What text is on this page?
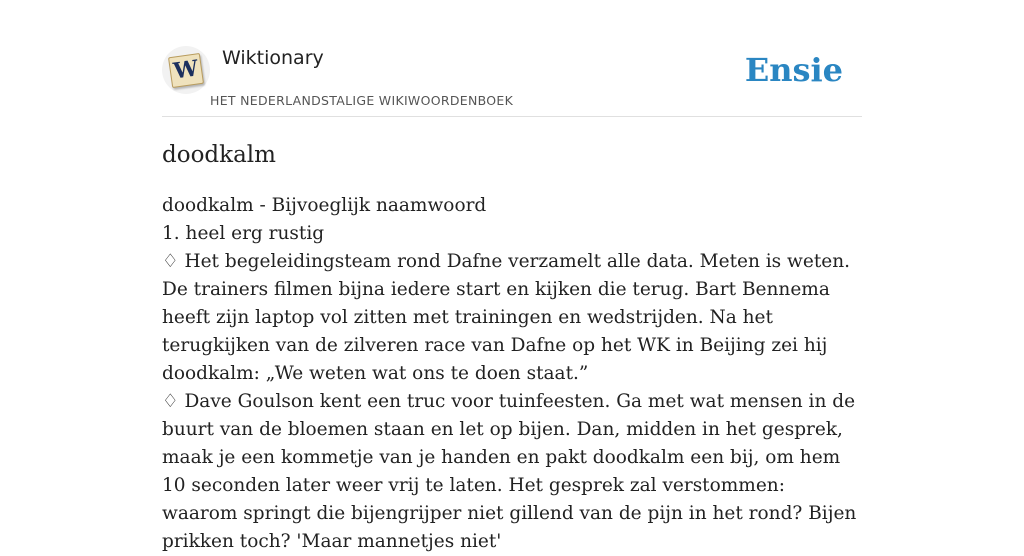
W Wiktionary
HET NEDERLANDSTALIGE WIKIWOORDENBOEK
Ensie
doodkalm

doodkalm - Bijvoeglijk naamwoord

1. heel erg rustig

♢ Het begeleidingsteam rond Dafne verzamelt alle data. Meten is weten. De trainers filmen bijna iedere start en kijken die terug. Bart Bennema heeft zijn laptop vol zitten met trainingen en wedstrijden. Na het terugkijken van de zilveren race van Dafne op het WK in Beijing zei hij doodkalm: „We weten wat ons te doen staat.”

♢ Dave Goulson kent een truc voor tuinfeesten. Ga met wat mensen in de buurt van de bloemen staan en let op bijen. Dan, midden in het gesprek, maak je een kommetje van je handen en pakt doodkalm een bij, om hem 10 seconden later weer vrij te laten. Het gesprek zal verstommen: waarom springt die bijengrijper niet gillend van de pijn in het rond? Bijen prikken toch? 'Maar mannetjes niet'
